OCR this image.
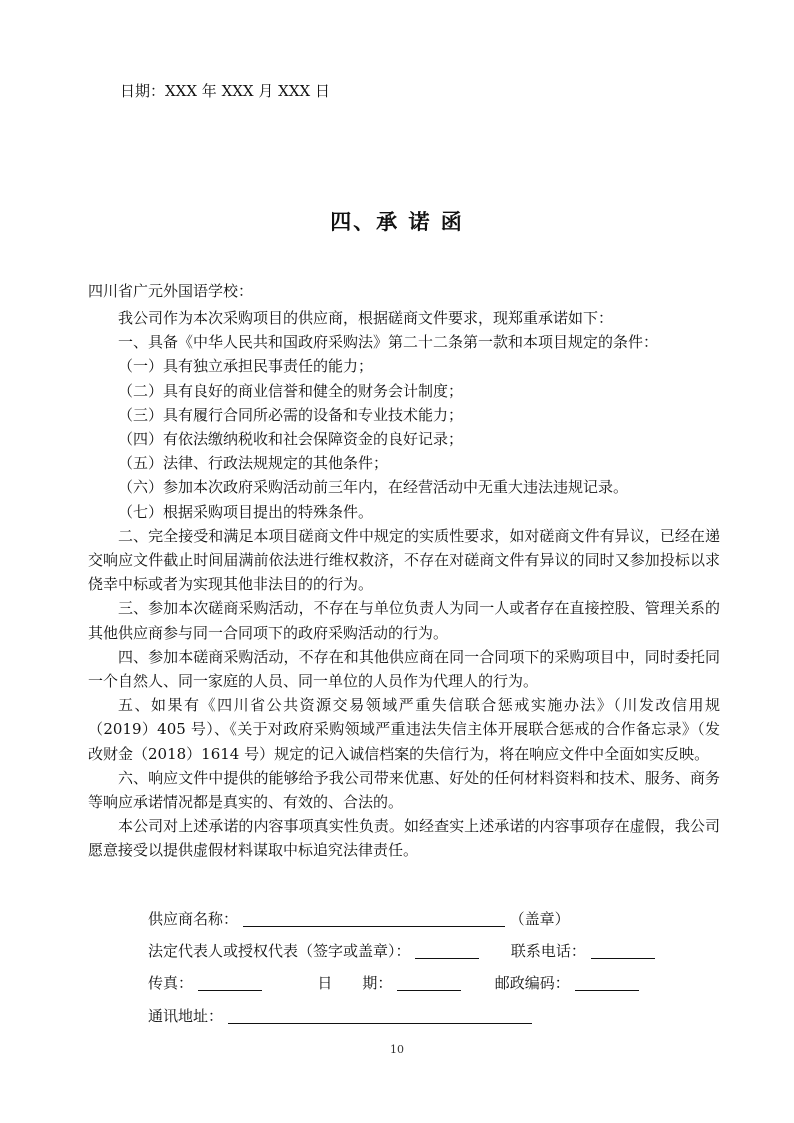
日期：XXX 年 XXX 月 XXX 日
四、承 诺 函
四川省广元外国语学校：

我公司作为本次采购项目的供应商，根据磋商文件要求，现郑重承诺如下：

一、具备《中华人民共和国政府采购法》第二十二条第一款和本项目规定的条件：

（一）具有独立承担民事责任的能力；

（二）具有良好的商业信誉和健全的财务会计制度；

（三）具有履行合同所必需的设备和专业技术能力；

（四）有依法缴纳税收和社会保障资金的良好记录；

（五）法律、行政法规规定的其他条件；

（六）参加本次政府采购活动前三年内，在经营活动中无重大违法违规记录。

（七）根据采购项目提出的特殊条件。

二、完全接受和满足本项目磋商文件中规定的实质性要求，如对磋商文件有异议，已经在递交响应文件截止时间届满前依法进行维权救济，不存在对磋商文件有异议的同时又参加投标以求侥幸中标或者为实现其他非法目的的行为。

三、参加本次磋商采购活动，不存在与单位负责人为同一人或者存在直接控股、管理关系的其他供应商参与同一合同项下的政府采购活动的行为。

四、参加本磋商采购活动，不存在和其他供应商在同一合同项下的采购项目中，同时委托同一个自然人、同一家庭的人员、同一单位的人员作为代理人的行为。

五、如果有《四川省公共资源交易领域严重失信联合惩戒实施办法》（川发改信用规（2019）405 号）、《关于对政府采购领域严重违法失信主体开展联合惩戒的合作备忘录》（发改财金（2018）1614 号）规定的记入诚信档案的失信行为，将在响应文件中全面如实反映。

六、响应文件中提供的能够给予我公司带来优惠、好处的任何材料资料和技术、服务、商务等响应承诺情况都是真实的、有效的、合法的。

本公司对上述承诺的内容事项真实性负责。如经查实上述承诺的内容事项存在虚假，我公司愿意接受以提供虚假材料谋取中标追究法律责任。

供应商名称：	（盖章）
法定代表人或授权代表（签字或盖章）：	联系电话：
传真：	日　　期：	邮政编码：
通讯地址：
10
